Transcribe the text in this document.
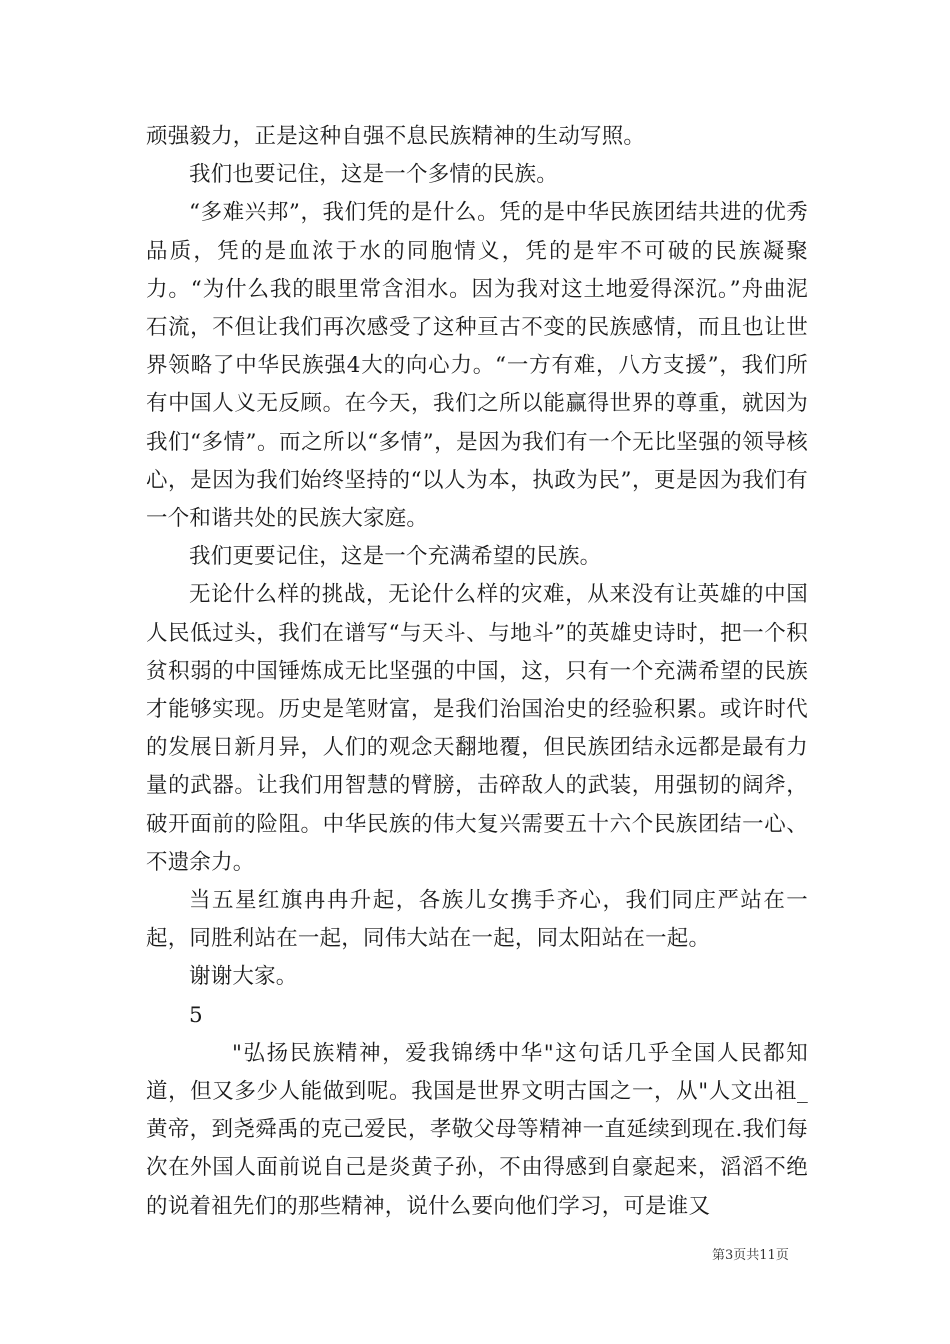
顽强毅力，正是这种自强不息民族精神的生动写照。

我们也要记住，这是一个多情的民族。

“多难兴邦”，我们凭的是什么。凭的是中华民族团结共进的优秀品质，凭的是血浓于水的同胞情义，凭的是牢不可破的民族凝聚力。“为什么我的眼里常含泪水。因为我对这土地爱得深沉。”舟曲泥石流，不但让我们再次感受了这种亘古不变的民族感情，而且也让世界领略了中华民族强4大的向心力。“一方有难，八方支援”，我们所有中国人义无反顾。在今天，我们之所以能赢得世界的尊重，就因为我们“多情”。而之所以“多情”，是因为我们有一个无比坚强的领导核心，是因为我们始终坚持的“以人为本，执政为民”，更是因为我们有一个和谐共处的民族大家庭。

我们更要记住，这是一个充满希望的民族。

无论什么样的挑战，无论什么样的灾难，从来没有让英雄的中国人民低过头，我们在谱写“与天斗、与地斗”的英雄史诗时，把一个积贫积弱的中国锤炼成无比坚强的中国，这，只有一个充满希望的民族才能够实现。历史是笔财富，是我们治国治史的经验积累。或许时代的发展日新月异，人们的观念天翻地覆，但民族团结永远都是最有力量的武器。让我们用智慧的臂膀，击碎敌人的武装，用强韧的阔斧，破开面前的险阻。中华民族的伟大复兴需要五十六个民族团结一心、不遗余力。

当五星红旗冉冉升起，各族儿女携手齐心，我们同庄严站在一起，同胜利站在一起，同伟大站在一起，同太阳站在一起。

谢谢大家。

5

"弘扬民族精神，爱我锦绣中华"这句话几乎全国人民都知道，但又多少人能做到呢。我国是世界文明古国之一，从"人文出祖_黄帝，到尧舜禹的克己爱民，孝敬父母等精神一直延续到现在.我们每次在外国人面前说自己是炎黄子孙，不由得感到自豪起来，滔滔不绝的说着祖先们的那些精神，说什么要向他们学习，可是谁又

第3页共11页
